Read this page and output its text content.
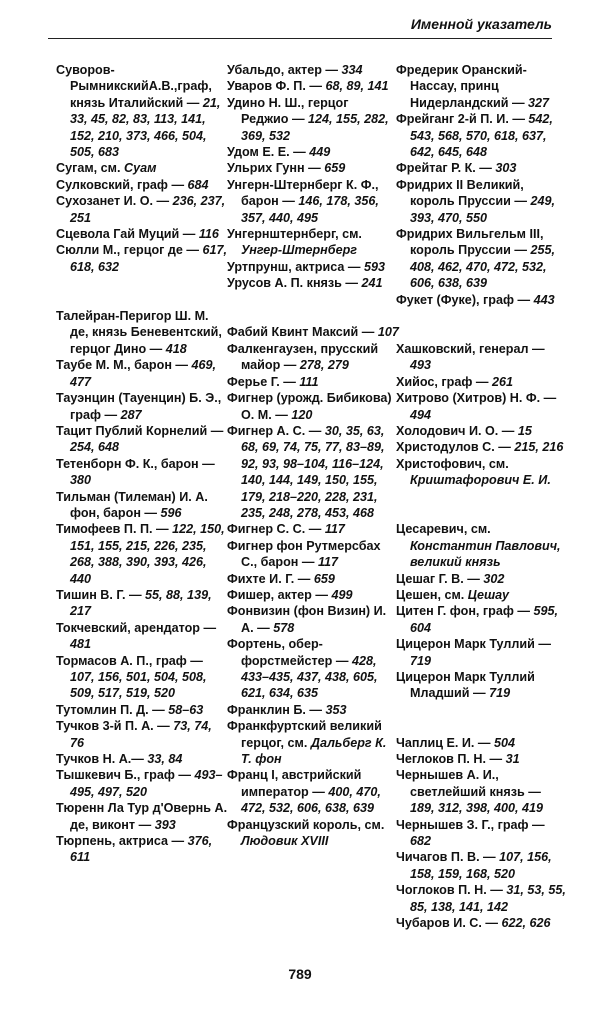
Именной указатель

Суворов-РымникскийА.В.,граф, князь Италийский — 21, 33, 45, 82, 83, 113, 141, 152, 210, 373, 466, 504, 505, 683

Сугам, см. Суам

Сулковский, граф — 684

Сухозанет И. О. — 236, 237, 251

Сцевола Гай Муций — 116

Сюлли М., герцог де — 617, 618, 632

Талейран-Перигор Ш. М. де, князь Беневентский, герцог Дино — 418

Таубе М. М., барон — 469, 477

Тауэнцин (Тауенцин) Б. Э., граф — 287

Тацит Публий Корнелий — 254, 648

Тетенборн Ф. К., барон — 380

Тильман (Тилеман) И. А. фон, барон — 596

Тимофеев П. П. — 122, 150, 151, 155, 215, 226, 235, 268, 388, 390, 393, 426, 440

Тишин В. Г. — 55, 88, 139, 217

Токчевский, арендатор — 481

Тормасов А. П., граф — 107, 156, 501, 504, 508, 509, 517, 519, 520

Тутомлин П. Д. — 58–63

Тучков 3-й П. А. — 73, 74, 76

Тучков Н. А.— 33, 84

Тышкевич Б., граф — 493–495, 497, 520

Тюренн Ла Тур д'Овернь А. де, виконт — 393

Тюрпень, актриса — 376, 611

Убальдо, актер — 334

Уваров Ф. П. — 68, 89, 141

Удино Н. Ш., герцог Реджио — 124, 155, 282, 369, 532

Удом Е. Е. — 449

Ульрих Гунн — 659

Унгерн-Штернберг К. Ф., барон — 146, 178, 356, 357, 440, 495

Унгернштернберг, см. Унгер-Штернберг

Уртпрунш, актриса — 593

Урусов А. П. князь — 241

Фабий Квинт Максий — 107

Фалкенгаузен, прусский майор — 278, 279

Ферье Г. — 111

Фигнер (урожд. Бибикова) О. М. — 120

Фигнер А. С. — 30, 35, 63, 68, 69, 74, 75, 77, 83–89, 92, 93, 98–104, 116–124, 140, 144, 149, 150, 155, 179, 218–220, 228, 231, 235, 248, 278, 453, 468

Фигнер С. С. — 117

Фигнер фон Рутмерсбах С., барон — 117

Фихте И. Г. — 659

Фишер, актер — 499

Фонвизин (фон Визин) И. А. — 578

Фортень, обер-форстмейстер — 428, 433–435, 437, 438, 605, 621, 634, 635

Франклин Б. — 353

Франкфуртский великий герцог, см. Дальберг К. Т. фон

Франц I, австрийский император — 400, 470, 472, 532, 606, 638, 639

Французский король, см. Людовик XVIII

Фредерик Оранский-Нассау, принц Нидерландский — 327

Фрейганг 2-й П. И. — 542, 543, 568, 570, 618, 637, 642, 645, 648

Фрейтаг Р. К. — 303

Фридрих II Великий, король Пруссии — 249, 393, 470, 550

Фридрих Вильгельм III, король Пруссии — 255, 408, 462, 470, 472, 532, 606, 638, 639

Фукет (Фуке), граф — 443

Хашковский, генерал — 493

Хийос, граф — 261

Хитрово (Хитров) Н. Ф. — 494

Холодович И. О. — 15

Христодулов С. — 215, 216

Христофович, см. Криштафорович Е. И.

Цесаревич, см. Константин Павлович, великий князь

Цешаг Г. В. — 302

Цешен, см. Цешау

Цитен Г. фон, граф — 595, 604

Цицерон Марк Туллий — 719

Цицерон Марк Туллий Младший — 719

Чаплиц Е. И. — 504

Чеглоков П. Н. — 31

Чернышев А. И., светлейший князь — 189, 312, 398, 400, 419

Чернышев З. Г., граф — 682

Чичагов П. В. — 107, 156, 158, 159, 168, 520

Чоглоков П. Н. — 31, 53, 55, 85, 138, 141, 142

Чубаров И. С. — 622, 626

789
